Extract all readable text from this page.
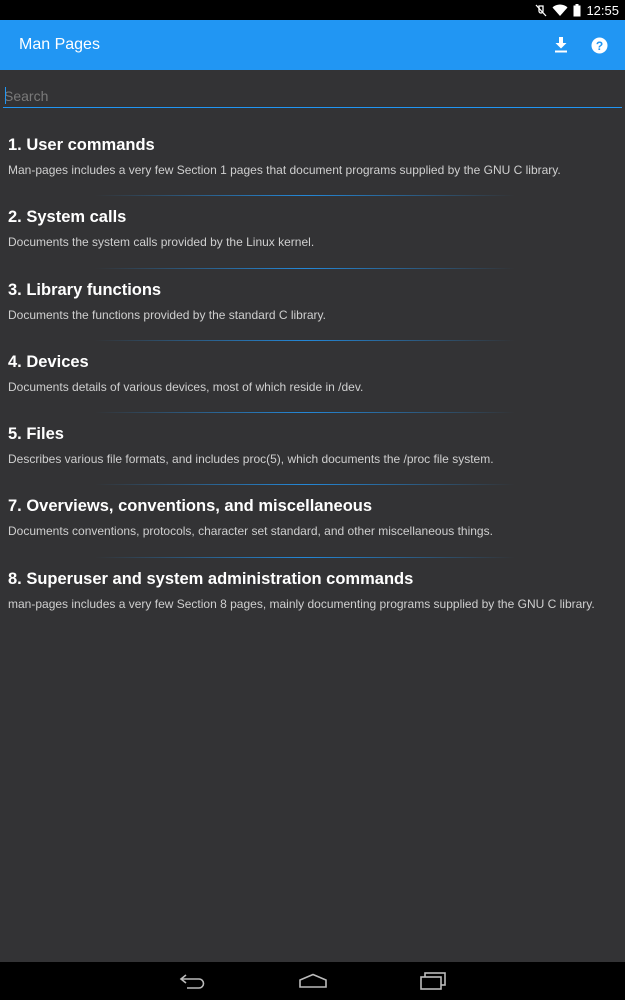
12:55
Man Pages	?
Search
1. User commands
Man-pages includes a very few Section 1 pages that document programs supplied by the GNU C library.
2. System calls
Documents the system calls provided by the Linux kernel.
3. Library functions
Documents the functions provided by the standard C library.
4. Devices
Documents details of various devices, most of which reside in /dev.
5. Files
Describes various file formats, and includes proc(5), which documents the /proc file system.
7. Overviews, conventions, and miscellaneous
Documents conventions, protocols, character set standard, and other miscellaneous things.
8. Superuser and system administration commands
man-pages includes a very few Section 8 pages, mainly documenting programs supplied by the GNU C library.
